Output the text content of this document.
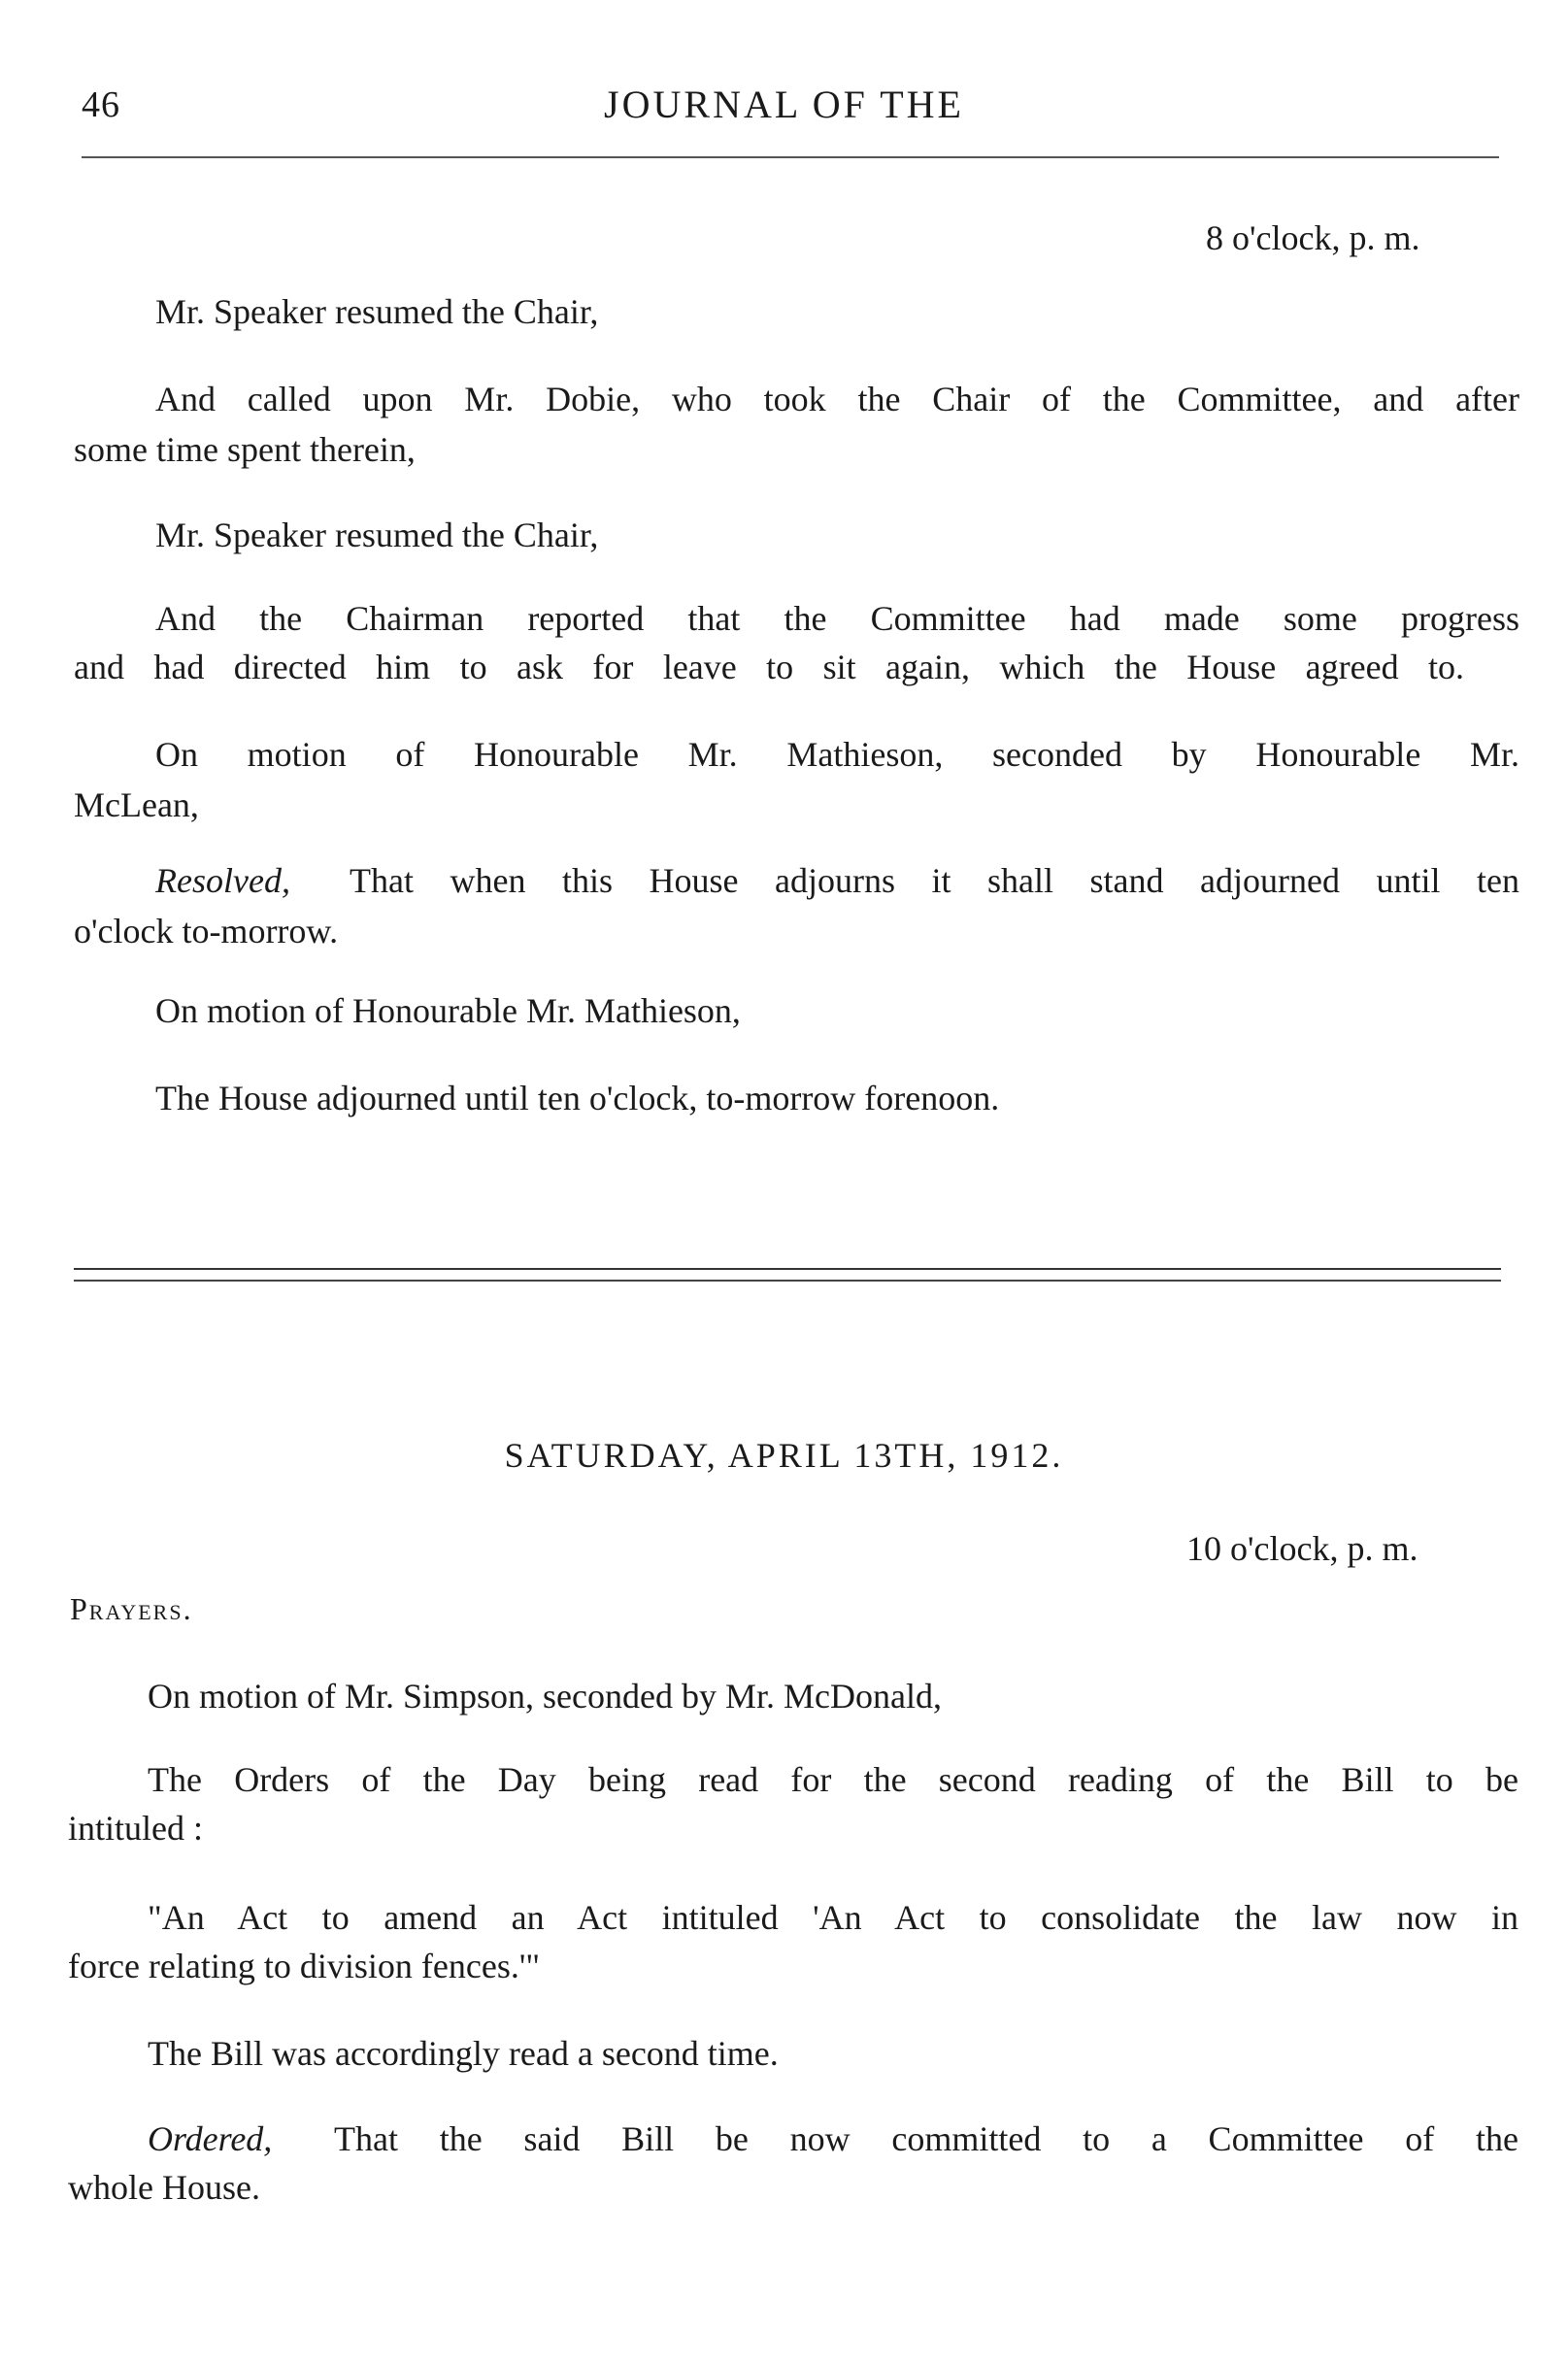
46	JOURNAL OF THE
8 o'clock, p. m.
Mr. Speaker resumed the Chair,
And called upon Mr. Dobie, who took the Chair of the Committee, and after
some time spent therein,
Mr. Speaker resumed the Chair,
And the Chairman reported that the Committee had made some progress
and had directed him to ask for leave to sit again, which the House agreed to.
On motion of Honourable Mr. Mathieson, seconded by Honourable Mr.
McLean,
Resolved, That when this House adjourns it shall stand adjourned until ten
o'clock to-morrow.
On motion of Honourable Mr. Mathieson,
The House adjourned until ten o'clock, to-morrow forenoon.
SATURDAY, APRIL 13TH, 1912.
10 o'clock, p. m.
Prayers.
On motion of Mr. Simpson, seconded by Mr. McDonald,
The Orders of the Day being read for the second reading of the Bill to be
intituled :
"An Act to amend an Act intituled 'An Act to consolidate the law now in
force relating to division fences.'"
The Bill was accordingly read a second time.
Ordered, That the said Bill be now committed to a Committee of the
whole House.
